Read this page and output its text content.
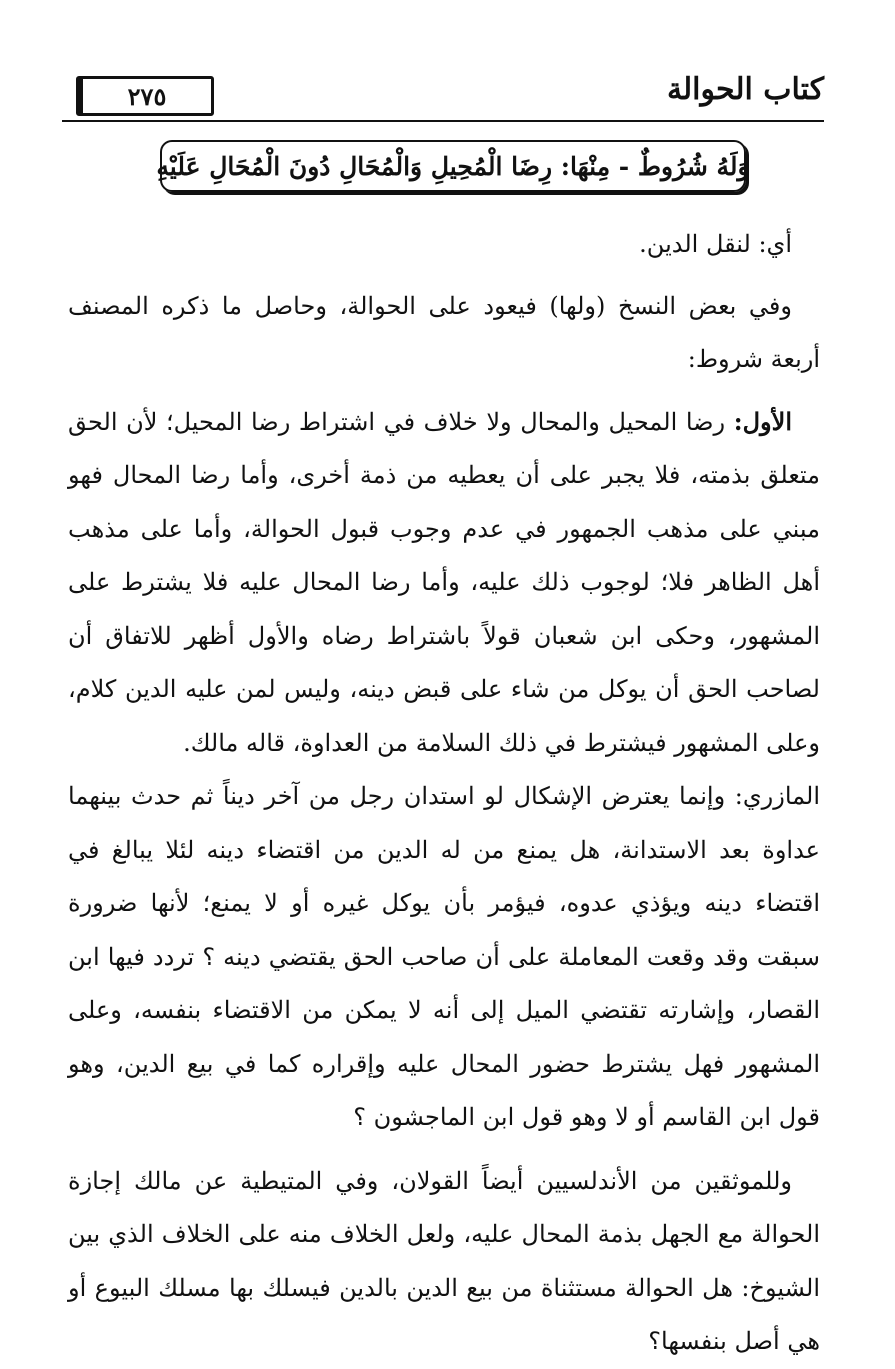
٢٧٥	كتاب الحوالة
وَلَهُ شُرُوطٌ - مِنْهَا: رِضَا الْمُحِيلِ وَالْمُحَالِ دُونَ الْمُحَالِ عَلَيْهِ

أي: لنقل الدين.

وفي بعض النسخ (ولها) فيعود على الحوالة، وحاصل ما ذكره المصنف أربعة شروط:

الأول: رضا المحيل والمحال ولا خلاف في اشتراط رضا المحيل؛ لأن الحق متعلق بذمته، فلا يجبر على أن يعطيه من ذمة أخرى، وأما رضا المحال فهو مبني على مذهب الجمهور في عدم وجوب قبول الحوالة، وأما على مذهب أهل الظاهر فلا؛ لوجوب ذلك عليه، وأما رضا المحال عليه فلا يشترط على المشهور، وحكى ابن شعبان قولاً باشتراط رضاه والأول أظهر للاتفاق أن لصاحب الحق أن يوكل من شاء على قبض دينه، وليس لمن عليه الدين كلام، وعلى المشهور فيشترط في ذلك السلامة من العداوة، قاله مالك.

المازري: وإنما يعترض الإشكال لو استدان رجل من آخر ديناً ثم حدث بينهما عداوة بعد الاستدانة، هل يمنع من له الدين من اقتضاء دينه لئلا يبالغ في اقتضاء دينه ويؤذي عدوه، فيؤمر بأن يوكل غيره أو لا يمنع؛ لأنها ضرورة سبقت وقد وقعت المعاملة على أن صاحب الحق يقتضي دينه ؟ تردد فيها ابن القصار، وإشارته تقتضي الميل إلى أنه لا يمكن من الاقتضاء بنفسه، وعلى المشهور فهل يشترط حضور المحال عليه وإقراره كما في بيع الدين، وهو قول ابن القاسم أو لا وهو قول ابن الماجشون ؟

وللموثقين من الأندلسيين أيضاً القولان، وفي المتيطية عن مالك إجازة الحوالة مع الجهل بذمة المحال عليه، ولعل الخلاف منه على الخلاف الذي بين الشيوخ: هل الحوالة مستثناة من بيع الدين بالدين فيسلك بها مسلك البيوع أو هي أصل بنفسها؟
